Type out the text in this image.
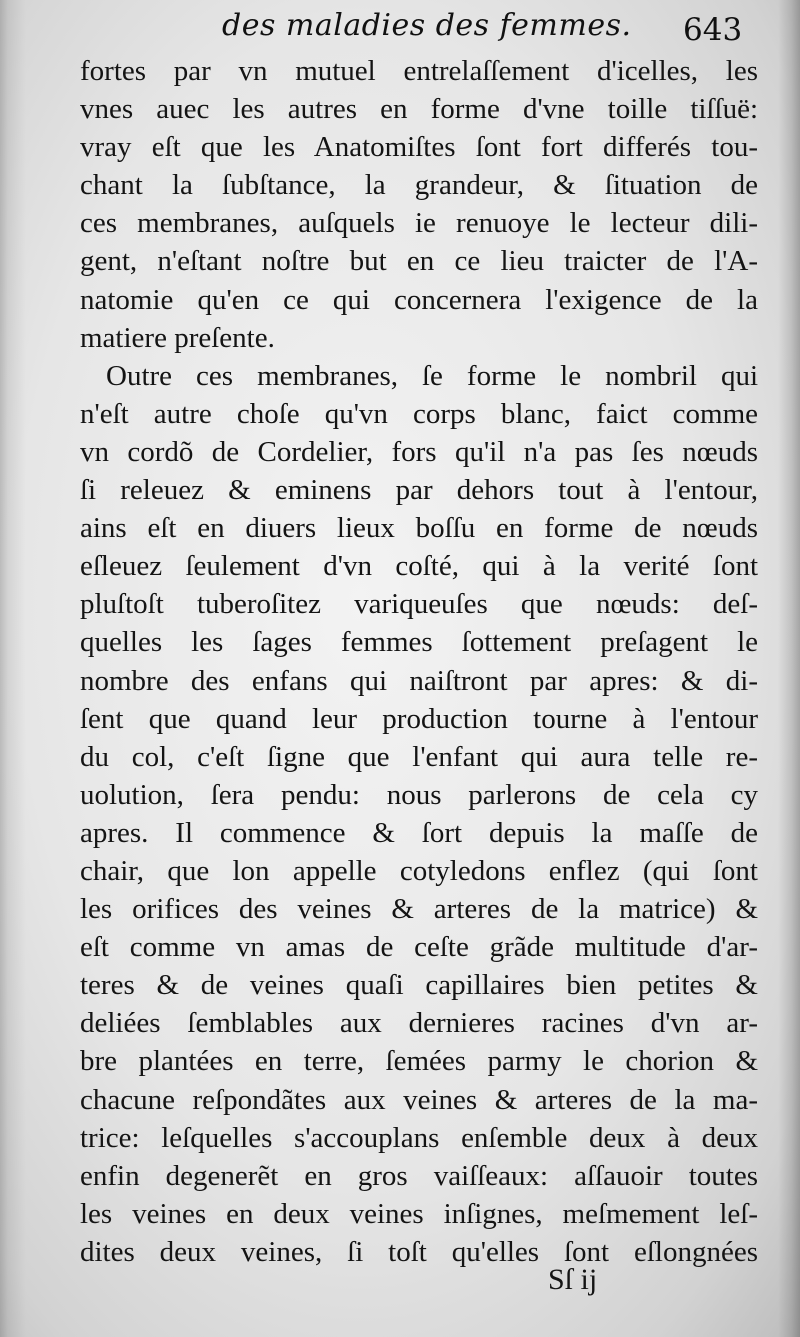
des maladies des femmes. 643
fortes par vn mutuel entrelaſſement d'icelles, les
vnes auec les autres en forme d'vne toille tiſſuë:
vray eſt que les Anatomiſtes ſont fort differés tou-
chant la ſubſtance, la grandeur, & ſituation de
ces membranes, auſquels ie renuoye le lecteur dili-
gent, n'eſtant noſtre but en ce lieu traicter de l'A-
natomie qu'en ce qui concernera l'exigence de la
matiere preſente.
Outre ces membranes, ſe forme le nombril qui
n'eſt autre choſe qu'vn corps blanc, faict comme
vn cordõ de Cordelier, fors qu'il n'a pas ſes nœuds
ſi releuez & eminens par dehors tout à l'entour,
ains eſt en diuers lieux boſſu en forme de nœuds
eſleuez ſeulement d'vn coſté, qui à la verité ſont
pluſtoſt tuberoſitez variqueuſes que nœuds: deſ-
quelles les ſages femmes ſottement preſagent le
nombre des enfans qui naiſtront par apres: & di-
ſent que quand leur production tourne à l'entour
du col, c'eſt ſigne que l'enfant qui aura telle re-
uolution, ſera pendu: nous parlerons de cela cy
apres. Il commence & ſort depuis la maſſe de
chair, que lon appelle cotyledons enflez (qui ſont
les orifices des veines & arteres de la matrice) &
eſt comme vn amas de ceſte grãde multitude d'ar-
teres & de veines quaſi capillaires bien petites &
deliées ſemblables aux dernieres racines d'vn ar-
bre plantées en terre, ſemées parmy le chorion &
chacune reſpondãtes aux veines & arteres de la ma-
trice: leſquelles s'accouplans enſemble deux à deux
enfin degenerẽt en gros vaiſſeaux: aſſauoir toutes
les veines en deux veines inſignes, meſmement leſ-
dites deux veines, ſi toſt qu'elles ſont eſlongnées
Sſ ij
